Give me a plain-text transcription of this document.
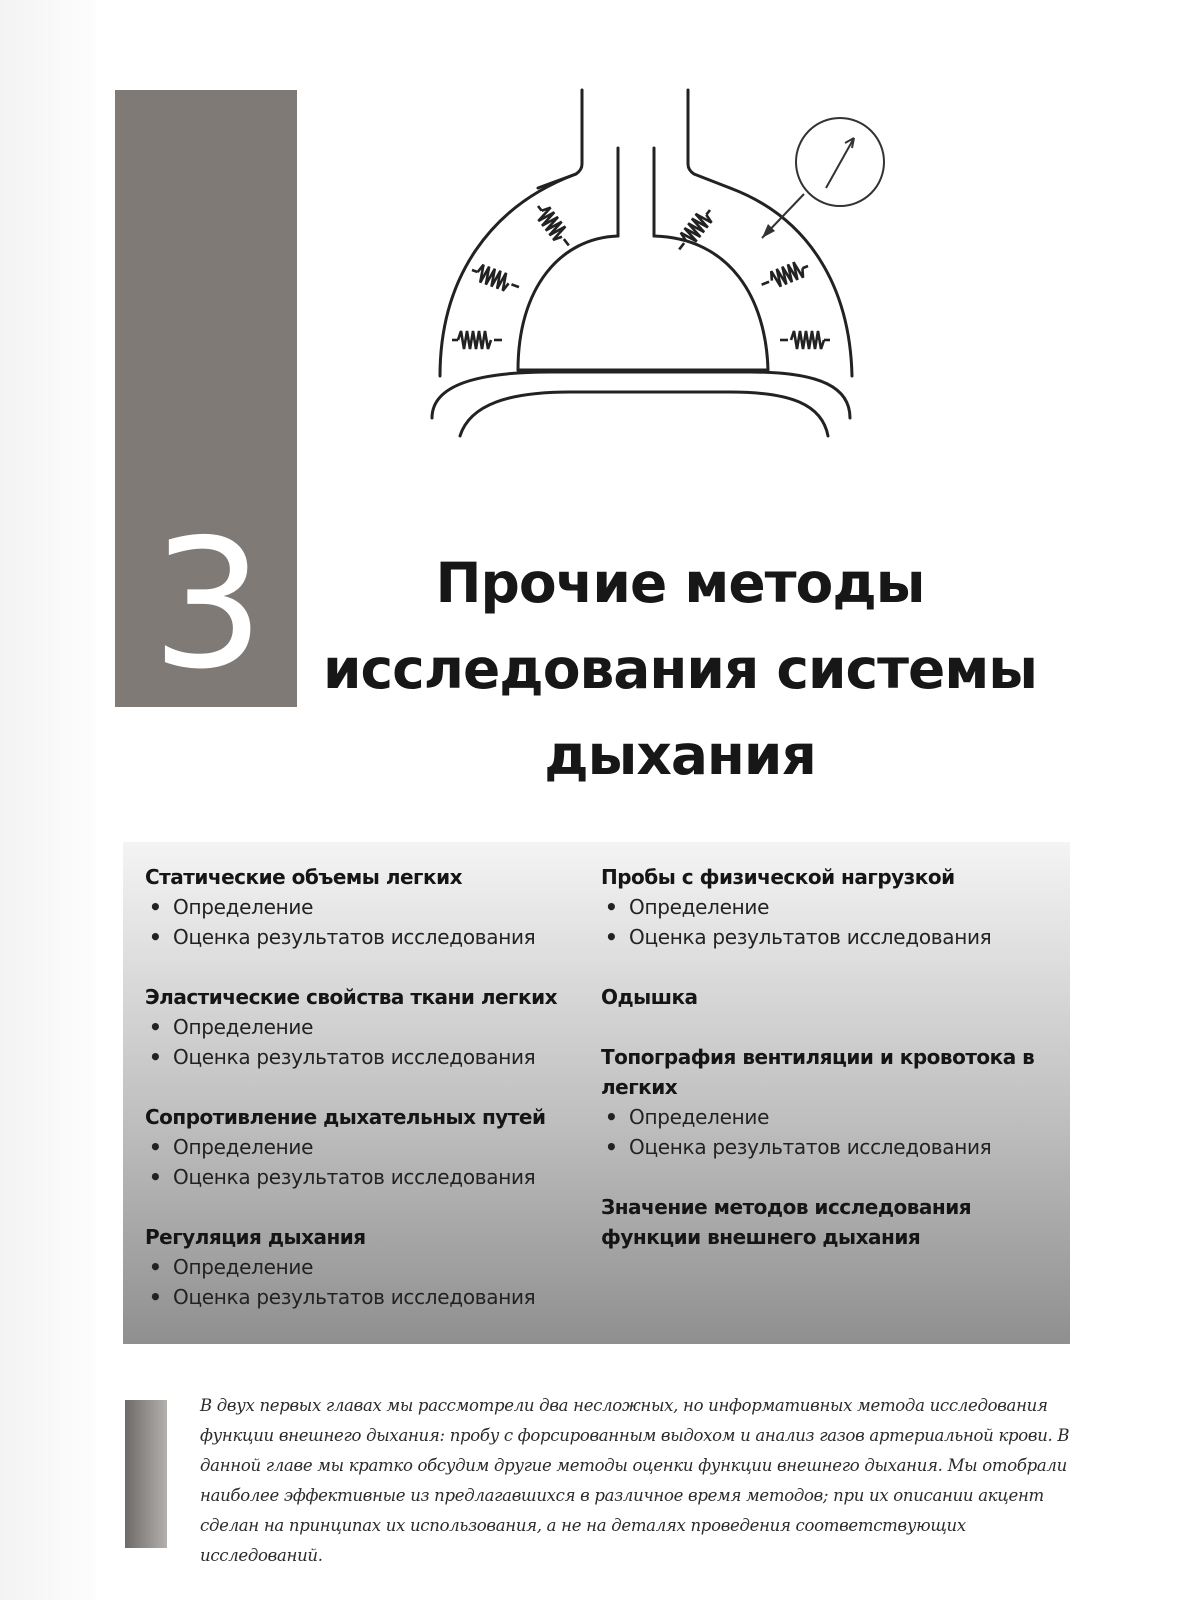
3	Прочие методы исследования системы дыхания
Статические объемы легких
• Определение
• Оценка результатов исследования
Эластические свойства ткани легких
• Определение
• Оценка результатов исследования
Сопротивление дыхательных путей
• Определение
• Оценка результатов исследования
Регуляция дыхания
• Определение
• Оценка результатов исследования
Пробы с физической нагрузкой
• Определение
• Оценка результатов исследования
Одышка
Топография вентиляции и кровотока в легких
• Определение
• Оценка результатов исследования
Значение методов исследования функции внешнего дыхания

В двух первых главах мы рассмотрели два несложных, но информативных метода исследования функции внешнего дыхания: пробу с форсированным выдохом и анализ газов артериальной крови. В данной главе мы кратко обсудим другие методы оценки функции внешнего дыхания. Мы отобрали наиболее эффективные из предлагавшихся в различное время методов; при их описании акцент сделан на принципах их использования, а не на деталях проведения соответствующих исследований.
